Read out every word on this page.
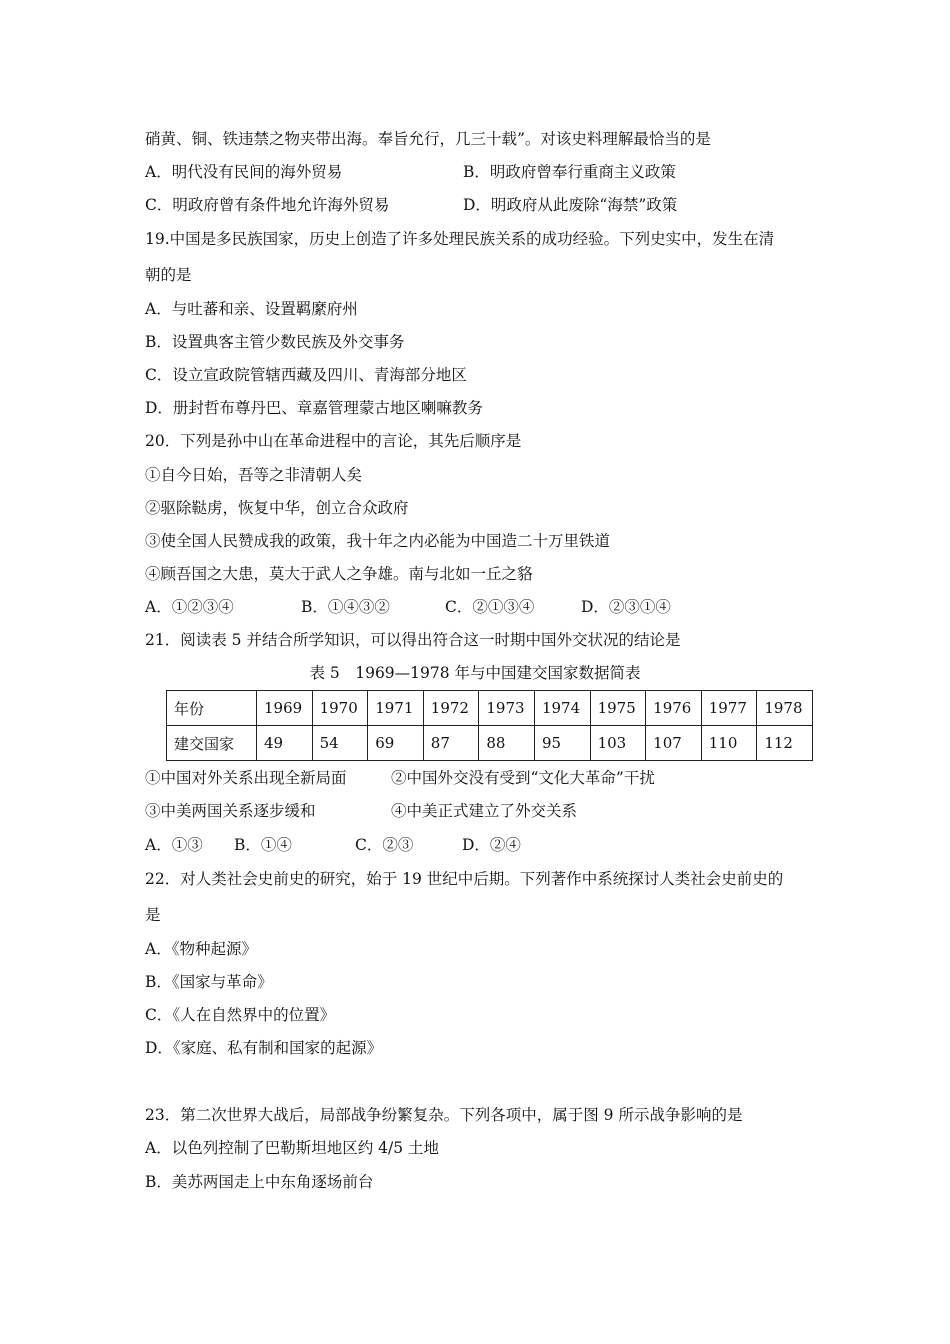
硝黄、铜、铁违禁之物夹带出海。奉旨允行，几三十载”。对该史料理解最恰当的是
A．明代没有民间的海外贸易	B．明政府曾奉行重商主义政策
C．明政府曾有条件地允许海外贸易	D．明政府从此废除“海禁”政策
19.中国是多民族国家，历史上创造了许多处理民族关系的成功经验。下列史实中，发生在清
朝的是
A．与吐蕃和亲、设置羁縻府州
B．设置典客主管少数民族及外交事务
C．设立宣政院管辖西藏及四川、青海部分地区
D．册封哲布尊丹巴、章嘉管理蒙古地区喇嘛教务
20．下列是孙中山在革命进程中的言论，其先后顺序是
①自今日始，吾等之非清朝人矣
②驱除鞑虏，恢复中华，创立合众政府
③使全国人民赞成我的政策，我十年之内必能为中国造二十万里铁道
④顾吾国之大患，莫大于武人之争雄。南与北如一丘之貉
A．①②③④	B．①④③②	C．②①③④	D．②③①④
21．阅读表 5 并结合所学知识，可以得出符合这一时期中国外交状况的结论是
表 5　1969—1978 年与中国建交国家数据简表
年份	1969	1970	1971	1972	1973	1974	1975	1976	1977	1978
建交国家	49	54	69	87	88	95	103	107	110	112
①中国对外关系出现全新局面	②中国外交没有受到“文化大革命”干扰
③中美两国关系逐步缓和	④中美正式建立了外交关系
A．①③ B．①④	C．②③	D．②④
22．对人类社会史前史的研究，始于 19 世纪中后期。下列著作中系统探讨人类社会史前史的
是
A．《物种起源》
B．《国家与革命》
C．《人在自然界中的位置》
D．《家庭、私有制和国家的起源》
23．第二次世界大战后，局部战争纷繁复杂。下列各项中，属于图 9 所示战争影响的是
A．以色列控制了巴勒斯坦地区约 4/5 土地
B．美苏两国走上中东角逐场前台
